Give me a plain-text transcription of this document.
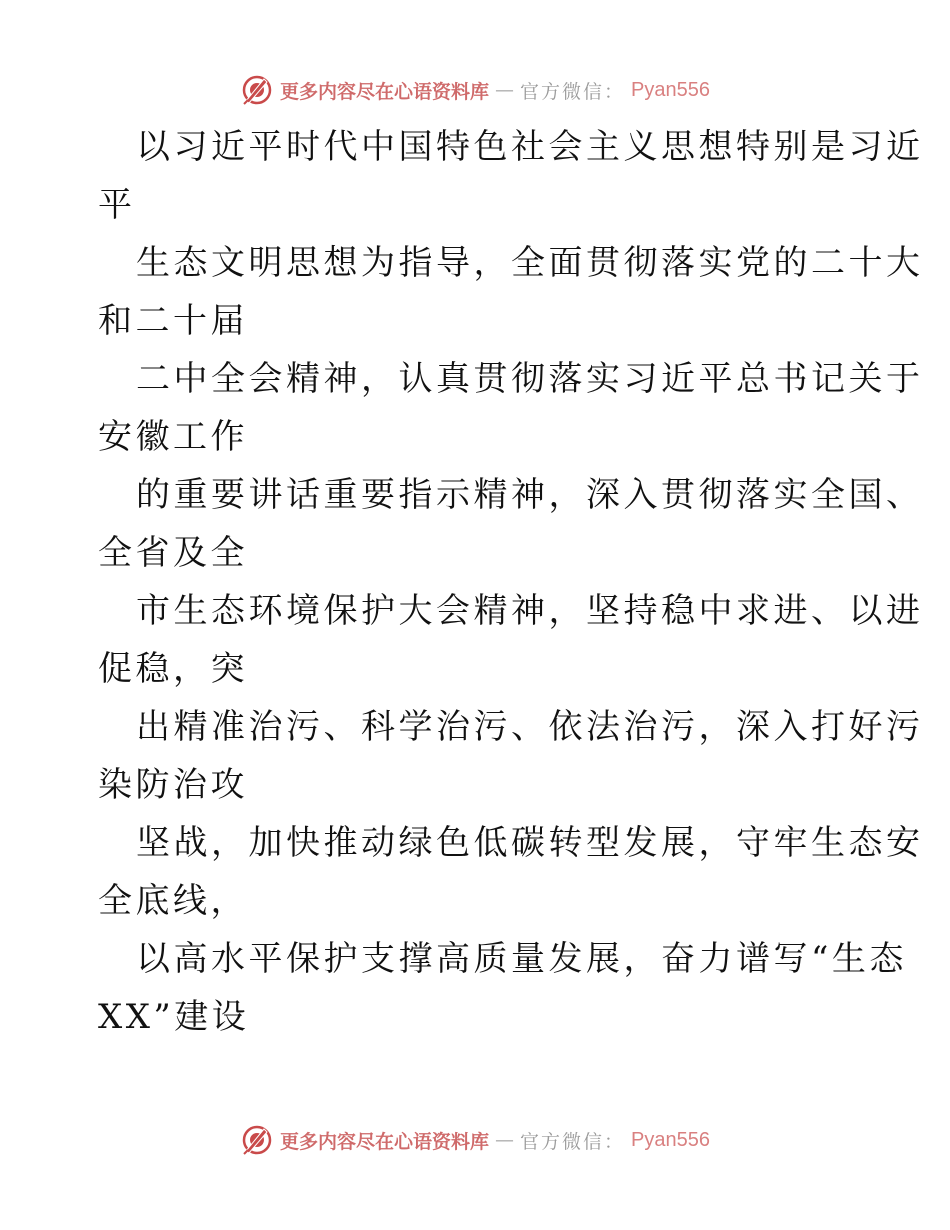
更多内容尽在心语资料库 — 官方微信： Pyan556

以习近平时代中国特色社会主义思想特别是习近
平

生态文明思想为指导，全面贯彻落实党的二十大
和二十届

二中全会精神，认真贯彻落实习近平总书记关于
安徽工作

的重要讲话重要指示精神，深入贯彻落实全国、
全省及全

市生态环境保护大会精神，坚持稳中求进、以进
促稳，突

出精准治污、科学治污、依法治污，深入打好污
染防治攻

坚战，加快推动绿色低碳转型发展，守牢生态安
全底线，

以高水平保护支撑高质量发展，奋力谱写“生态
XX”建设

更多内容尽在心语资料库 — 官方微信： Pyan556
